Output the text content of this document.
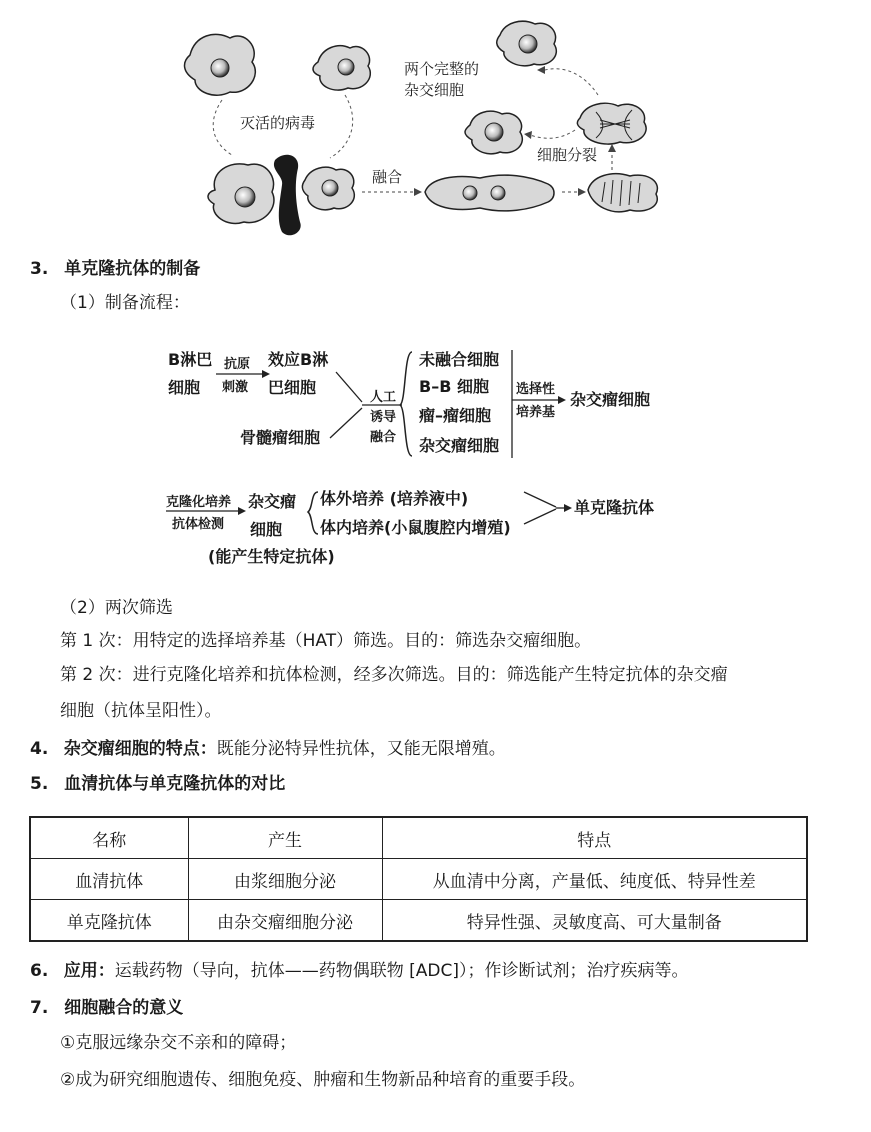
灭活的病毒
融合
细胞分裂
两个完整的
杂交细胞
3. 单克隆抗体的制备
（1）制备流程：
B淋巴
细胞
抗原
刺激
效应B淋
巴细胞
骨髓瘤细胞
人工
诱导
融合
未融合细胞
B–B 细胞
瘤–瘤细胞
杂交瘤细胞
选择性
培养基
杂交瘤细胞
克隆化培养
抗体检测
杂交瘤
细胞
(能产生特定抗体)
体外培养 (培养液中)
体内培养(小鼠腹腔内增殖)
单克隆抗体
（2）两次筛选
第 1 次：用特定的选择培养基（HAT）筛选。目的：筛选杂交瘤细胞。
第 2 次：进行克隆化培养和抗体检测，经多次筛选。目的：筛选能产生特定抗体的杂交瘤
细胞（抗体呈阳性）。
4. 杂交瘤细胞的特点：既能分泌特异性抗体，又能无限增殖。
5. 血清抗体与单克隆抗体的对比
名称	产生	特点
血清抗体	由浆细胞分泌	从血清中分离，产量低、纯度低、特异性差
单克隆抗体	由杂交瘤细胞分泌	特异性强、灵敏度高、可大量制备
6. 应用：运载药物（导向，抗体——药物偶联物 [ADC]）；作诊断试剂；治疗疾病等。
7. 细胞融合的意义
①克服远缘杂交不亲和的障碍；
②成为研究细胞遗传、细胞免疫、肿瘤和生物新品种培育的重要手段。
